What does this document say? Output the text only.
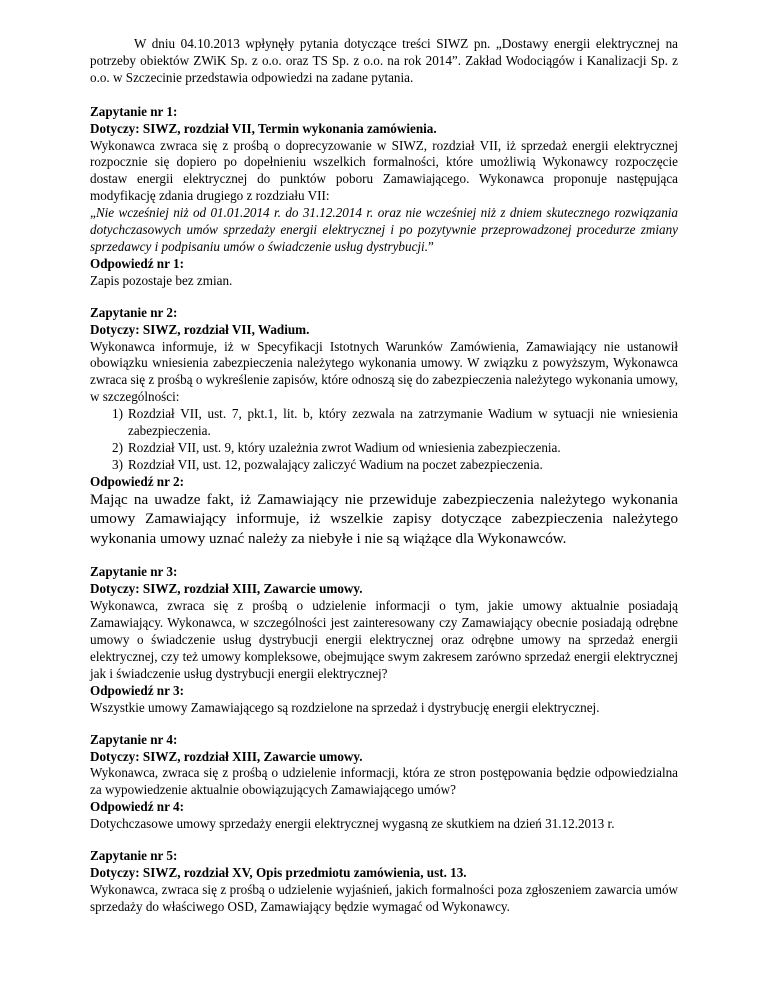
W dniu 04.10.2013 wpłynęły pytania dotyczące treści SIWZ pn. „Dostawy energii elektrycznej na potrzeby obiektów ZWiK Sp. z o.o. oraz TS Sp. z o.o. na rok 2014”. Zakład Wodociągów i Kanalizacji Sp. z o.o. w Szczecinie przedstawia odpowiedzi na zadane pytania.

Zapytanie nr 1:

Dotyczy: SIWZ, rozdział VII, Termin wykonania zamówienia.

Wykonawca zwraca się z prośbą o doprecyzowanie w SIWZ, rozdział VII, iż sprzedaż energii elektrycznej rozpocznie się dopiero po dopełnieniu wszelkich formalności, które umożliwią Wykonawcy rozpoczęcie dostaw energii elektrycznej do punktów poboru Zamawiającego. Wykonawca proponuje następująca modyfikację zdania drugiego z rozdziału VII:

„Nie wcześniej niż od 01.01.2014 r. do 31.12.2014 r. oraz nie wcześniej niż z dniem skutecznego rozwiązania dotychczasowych umów sprzedaży energii elektrycznej i po pozytywnie przeprowadzonej procedurze zmiany sprzedawcy i podpisaniu umów o świadczenie usług dystrybucji.”

Odpowiedź nr 1:

Zapis pozostaje bez zmian.

Zapytanie nr 2:

Dotyczy: SIWZ, rozdział VII, Wadium.

Wykonawca informuje, iż w Specyfikacji Istotnych Warunków Zamówienia, Zamawiający nie ustanowił obowiązku wniesienia zabezpieczenia należytego wykonania umowy. W związku z powyższym, Wykonawca zwraca się z prośbą o wykreślenie zapisów, które odnoszą się do zabezpieczenia należytego wykonania umowy, w szczególności:

1) Rozdział VII, ust. 7, pkt.1, lit. b, który zezwala na zatrzymanie Wadium w sytuacji nie wniesienia zabezpieczenia.
2) Rozdział VII, ust. 9, który uzależnia zwrot Wadium od wniesienia zabezpieczenia.
3) Rozdział VII, ust. 12, pozwalający zaliczyć Wadium na poczet zabezpieczenia.

Odpowiedź nr 2:

Mając na uwadze fakt, iż Zamawiający nie przewiduje zabezpieczenia należytego wykonania umowy Zamawiający informuje, iż wszelkie zapisy dotyczące zabezpieczenia należytego wykonania umowy uznać należy za niebyłe i nie są wiążące dla Wykonawców.

Zapytanie nr 3:

Dotyczy: SIWZ, rozdział XIII, Zawarcie umowy.

Wykonawca, zwraca się z prośbą o udzielenie informacji o tym, jakie umowy aktualnie posiadają Zamawiający. Wykonawca, w szczególności jest zainteresowany czy Zamawiający obecnie posiadają odrębne umowy o świadczenie usług dystrybucji energii elektrycznej oraz odrębne umowy na sprzedaż energii elektrycznej, czy też umowy kompleksowe, obejmujące swym zakresem zarówno sprzedaż energii elektrycznej jak i świadczenie usług dystrybucji energii elektrycznej?

Odpowiedź nr 3:

Wszystkie umowy Zamawiającego są rozdzielone na sprzedaż i dystrybucję energii elektrycznej.

Zapytanie nr 4:

Dotyczy: SIWZ, rozdział XIII, Zawarcie umowy.

Wykonawca, zwraca się z prośbą o udzielenie informacji, która ze stron postępowania będzie odpowiedzialna za wypowiedzenie aktualnie obowiązujących Zamawiającego umów?

Odpowiedź nr 4:

Dotychczasowe umowy sprzedaży energii elektrycznej wygasną ze skutkiem na dzień 31.12.2013 r.

Zapytanie nr 5:

Dotyczy: SIWZ, rozdział XV, Opis przedmiotu zamówienia, ust. 13.

Wykonawca, zwraca się z prośbą o udzielenie wyjaśnień, jakich formalności poza zgłoszeniem zawarcia umów sprzedaży do właściwego OSD, Zamawiający będzie wymagać od Wykonawcy.
